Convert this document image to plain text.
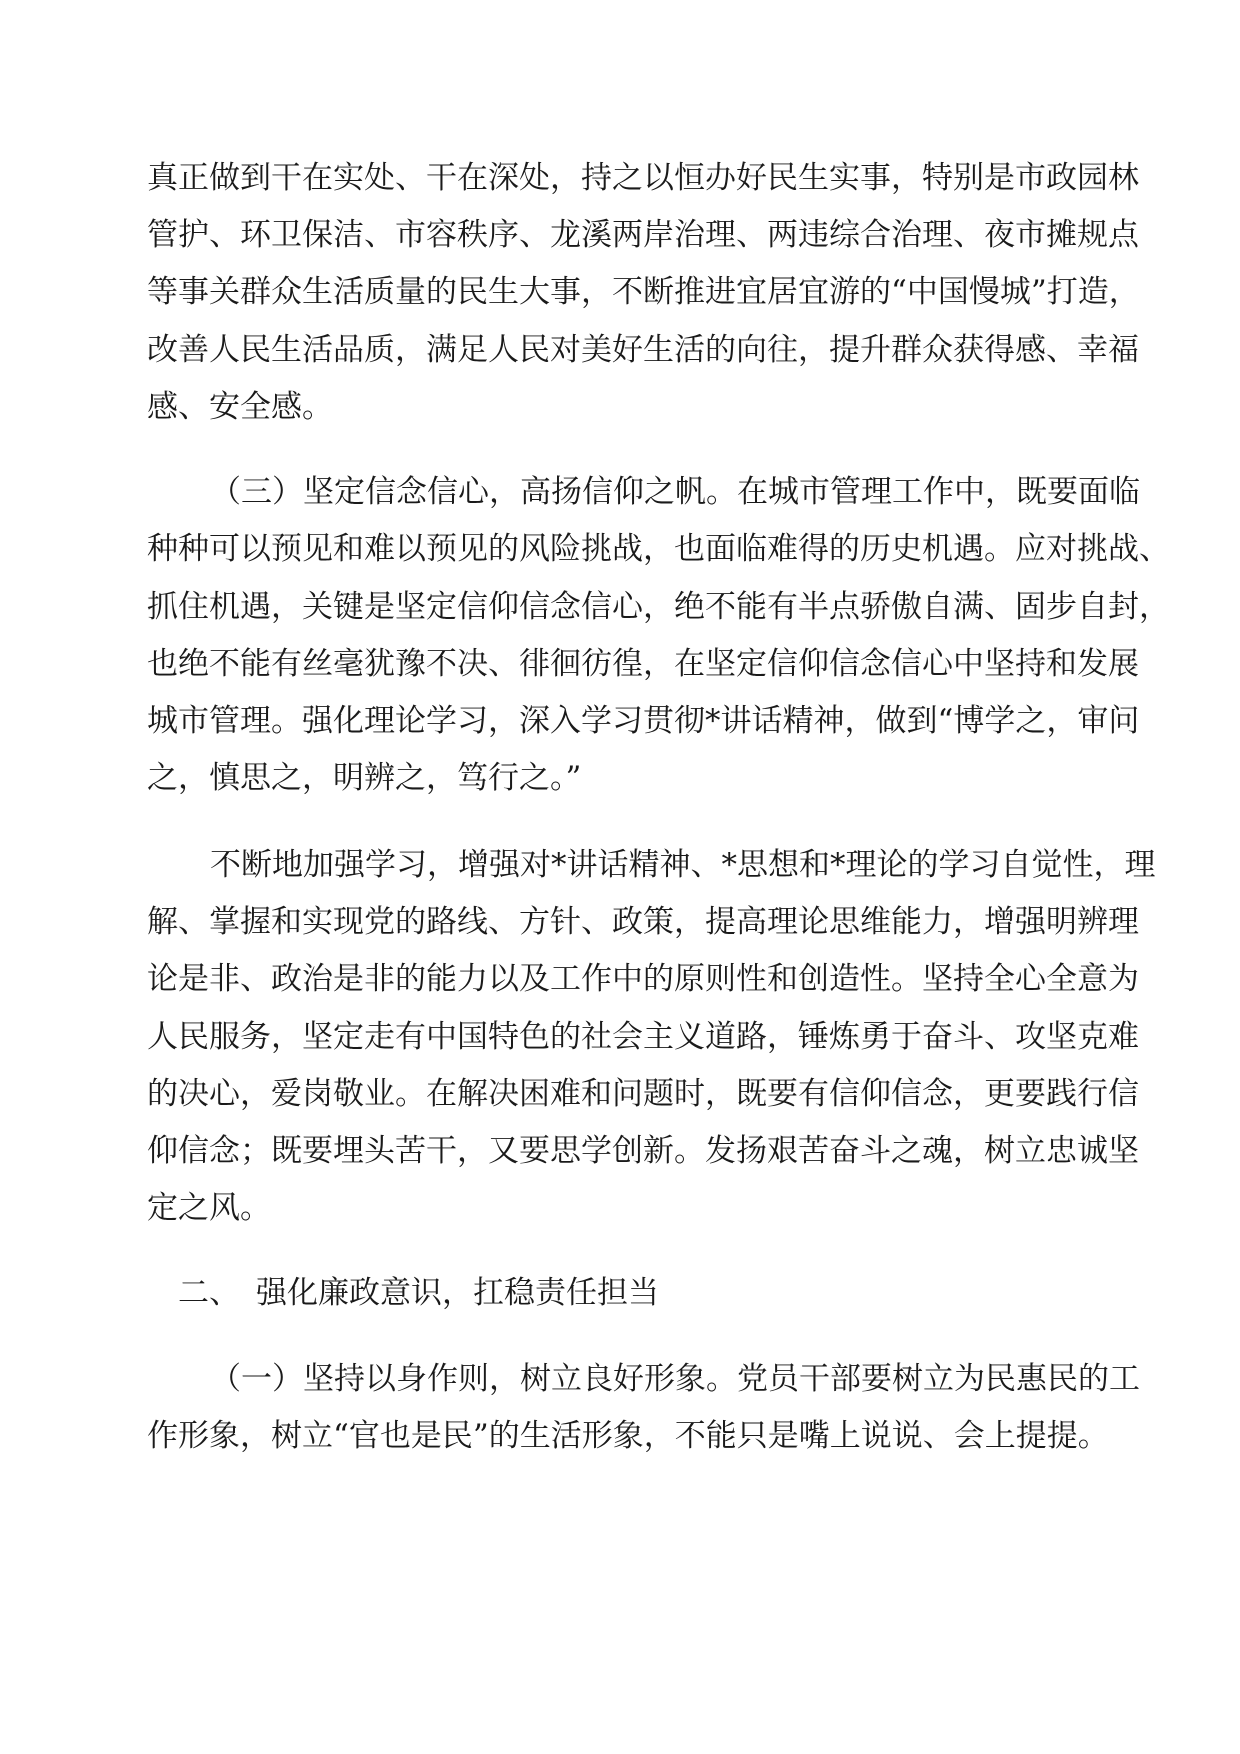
真正做到干在实处、干在深处，持之以恒办好民生实事，特别是市政园林
管护、环卫保洁、市容秩序、龙溪两岸治理、两违综合治理、夜市摊规点
等事关群众生活质量的民生大事，不断推进宜居宜游的“中国慢城”打造，
改善人民生活品质，满足人民对美好生活的向往，提升群众获得感、幸福
感、安全感。
（三）坚定信念信心，高扬信仰之帆。在城市管理工作中，既要面临
种种可以预见和难以预见的风险挑战，也面临难得的历史机遇。应对挑战、
抓住机遇，关键是坚定信仰信念信心，绝不能有半点骄傲自满、固步自封，
也绝不能有丝毫犹豫不决、徘徊彷徨，在坚定信仰信念信心中坚持和发展
城市管理。强化理论学习，深入学习贯彻*讲话精神，做到“博学之，审问
之，慎思之，明辨之，笃行之。”
不断地加强学习，增强对*讲话精神、*思想和*理论的学习自觉性，理
解、掌握和实现党的路线、方针、政策，提高理论思维能力，增强明辨理
论是非、政治是非的能力以及工作中的原则性和创造性。坚持全心全意为
人民服务，坚定走有中国特色的社会主义道路，锤炼勇于奋斗、攻坚克难
的决心，爱岗敬业。在解决困难和问题时，既要有信仰信念，更要践行信
仰信念；既要埋头苦干，又要思学创新。发扬艰苦奋斗之魂，树立忠诚坚
定之风。
二、 强化廉政意识，扛稳责任担当
（一）坚持以身作则，树立良好形象。党员干部要树立为民惠民的工
作形象，树立“官也是民”的生活形象，不能只是嘴上说说、会上提提。
